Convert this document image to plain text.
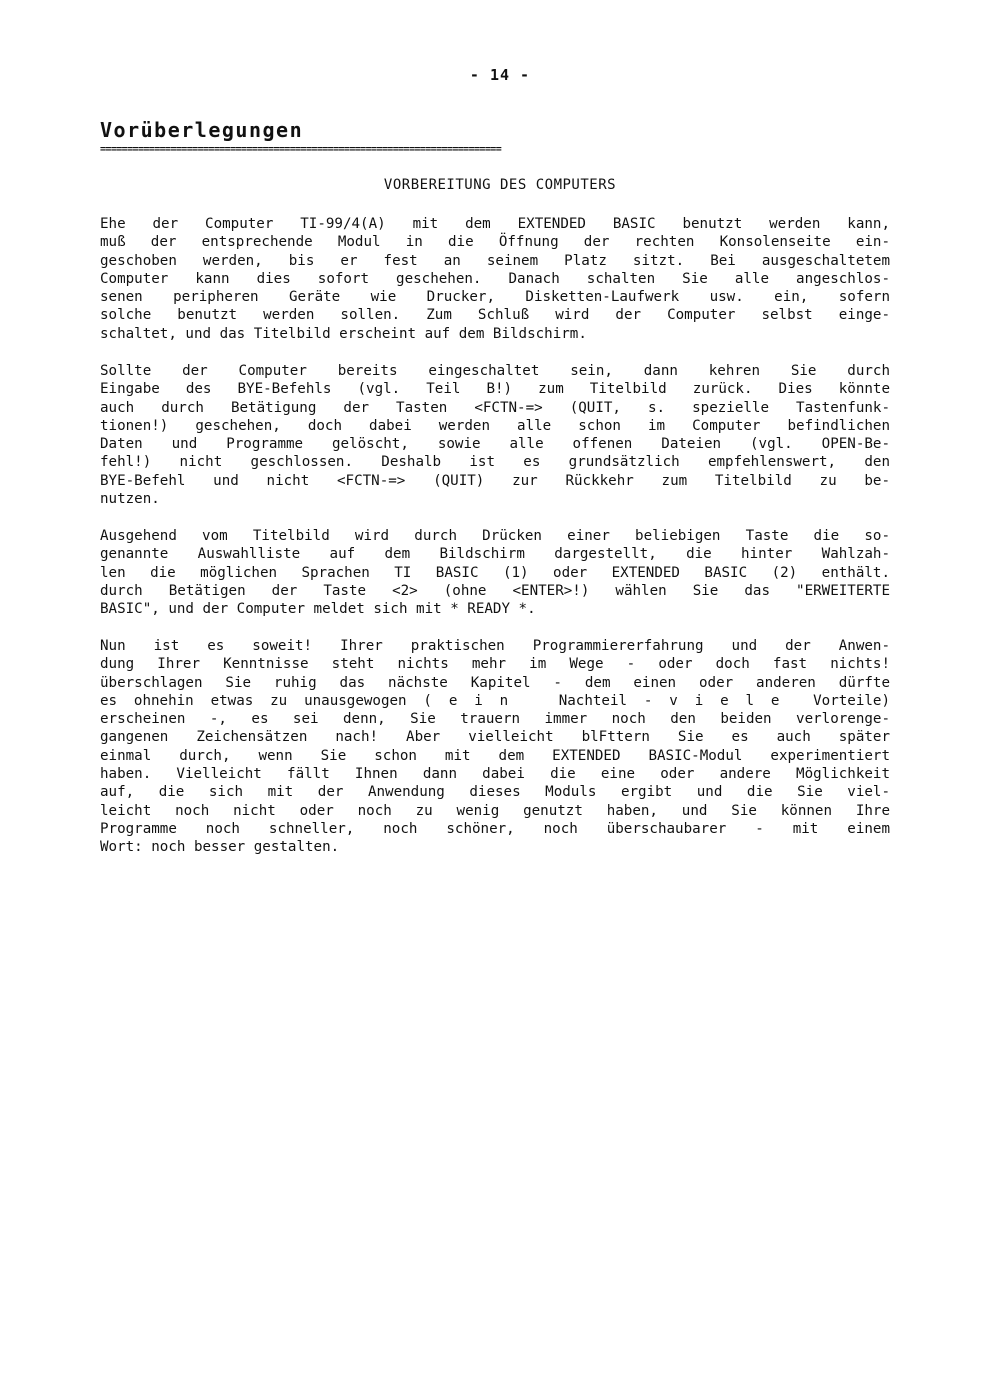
- 14 -
Vorüberlegungen
==========================================================================
VORBEREITUNG DES COMPUTERS
Ehe der Computer TI-99/4(A) mit dem EXTENDED BASIC benutzt werden kann,
muß der entsprechende Modul in die Öffnung der rechten Konsolenseite ein-
geschoben werden, bis er fest an seinem Platz sitzt. Bei ausgeschaltetem
Computer kann dies sofort geschehen. Danach schalten Sie alle angeschlos-
senen peripheren Geräte wie Drucker, Disketten-Laufwerk usw. ein, sofern
solche benutzt werden sollen. Zum Schluß wird der Computer selbst einge-
schaltet, und das Titelbild erscheint auf dem Bildschirm.
Sollte der Computer bereits eingeschaltet sein, dann kehren Sie durch
Eingabe des BYE-Befehls (vgl. Teil B!) zum Titelbild zurück. Dies könnte
auch durch Betätigung der Tasten <FCTN-=> (QUIT, s. spezielle Tastenfunk-
tionen!) geschehen, doch dabei werden alle schon im Computer befindlichen
Daten und Programme gelöscht, sowie alle offenen Dateien (vgl. OPEN-Be-
fehl!) nicht geschlossen. Deshalb ist es grundsätzlich empfehlenswert, den
BYE-Befehl und nicht <FCTN-=> (QUIT) zur Rückkehr zum Titelbild zu be-
nutzen.
Ausgehend vom Titelbild wird durch Drücken einer beliebigen Taste die so-
genannte Auswahlliste auf dem Bildschirm dargestellt, die hinter Wahlzah-
len die möglichen Sprachen TI BASIC (1) oder EXTENDED BASIC (2) enthält.
durch Betätigen der Taste <2> (ohne <ENTER>!) wählen Sie das "ERWEITERTE
BASIC", und der Computer meldet sich mit * READY *.
Nun ist es soweit! Ihrer praktischen Programmiererfahrung und der Anwen-
dung Ihrer Kenntnisse steht nichts mehr im Wege - oder doch fast nichts!
überschlagen Sie ruhig das nächste Kapitel - dem einen oder anderen dürfte
es ohnehin etwas zu unausgewogen ( e i n   Nachteil - v i e l e  Vorteile)
erscheinen -, es sei denn, Sie trauern immer noch den beiden verlorenge-
gangenen Zeichensätzen nach! Aber vielleicht blFttern Sie es auch später
einmal durch, wenn Sie schon mit dem EXTENDED BASIC-Modul experimentiert
haben. Vielleicht fällt Ihnen dann dabei die eine oder andere Möglichkeit
auf, die sich mit der Anwendung dieses Moduls ergibt und die Sie viel-
leicht noch nicht oder noch zu wenig genutzt haben, und Sie können Ihre
Programme noch schneller, noch schöner, noch überschaubarer - mit einem
Wort: noch besser gestalten.
